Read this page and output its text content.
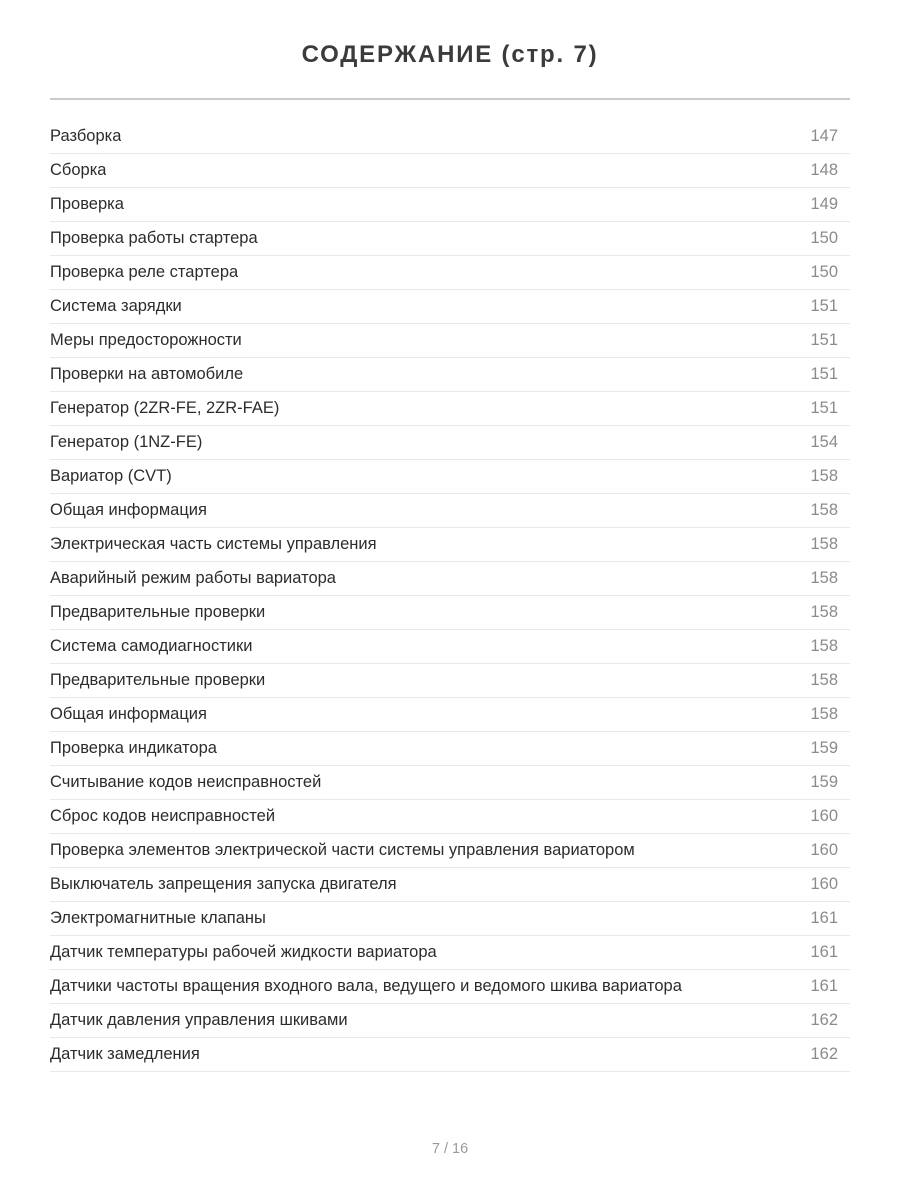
СОДЕРЖАНИЕ (стр. 7)
Разборка	147
Сборка	148
Проверка	149
Проверка работы стартера	150
Проверка реле стартера	150
Система зарядки	151
Меры предосторожности	151
Проверки на автомобиле	151
Генератор (2ZR-FE, 2ZR-FAE)	151
Генератор (1NZ-FE)	154
Вариатор (CVT)	158
Общая информация	158
Электрическая часть системы управления	158
Аварийный режим работы вариатора	158
Предварительные проверки	158
Система самодиагностики	158
Предварительные проверки	158
Общая информация	158
Проверка индикатора	159
Считывание кодов неисправностей	159
Сброс кодов неисправностей	160
Проверка элементов электрической части системы управления вариатором	160
Выключатель запрещения запуска двигателя	160
Электромагнитные клапаны	161
Датчик температуры рабочей жидкости вариатора	161
Датчики частоты вращения входного вала, ведущего и ведомого шкива вариатора	161
Датчик давления управления шкивами	162
Датчик замедления	162
7 / 16
